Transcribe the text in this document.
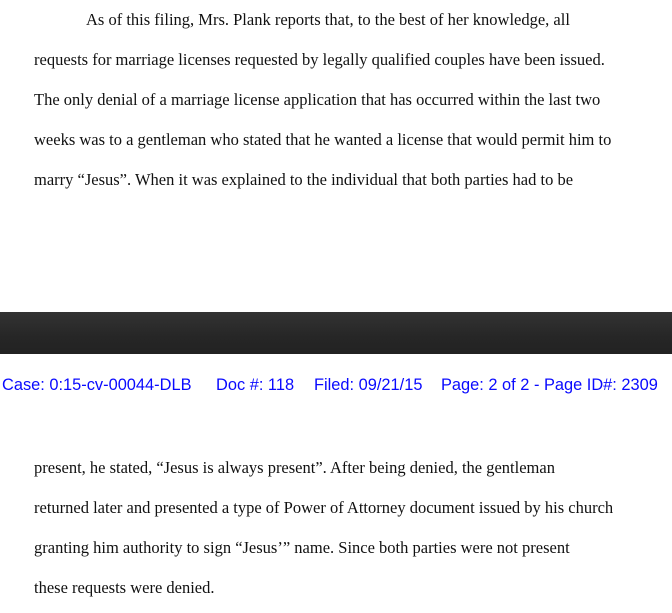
As of this filing, Mrs. Plank reports that, to the best of her knowledge, all
requests for marriage licenses requested by legally qualified couples have been issued.
The only denial of a marriage license application that has occurred within the last two
weeks was to a gentleman who stated that he wanted a license that would permit him to
marry “Jesus”. When it was explained to the individual that both parties had to be
Case: 0:15-cv-00044-DLB Doc #: 118 Filed: 09/21/15 Page: 2 of 2 - Page ID#: 2309
present, he stated, “Jesus is always present”. After being denied, the gentleman
returned later and presented a type of Power of Attorney document issued by his church
granting him authority to sign “Jesus’” name. Since both parties were not present
these requests were denied.
